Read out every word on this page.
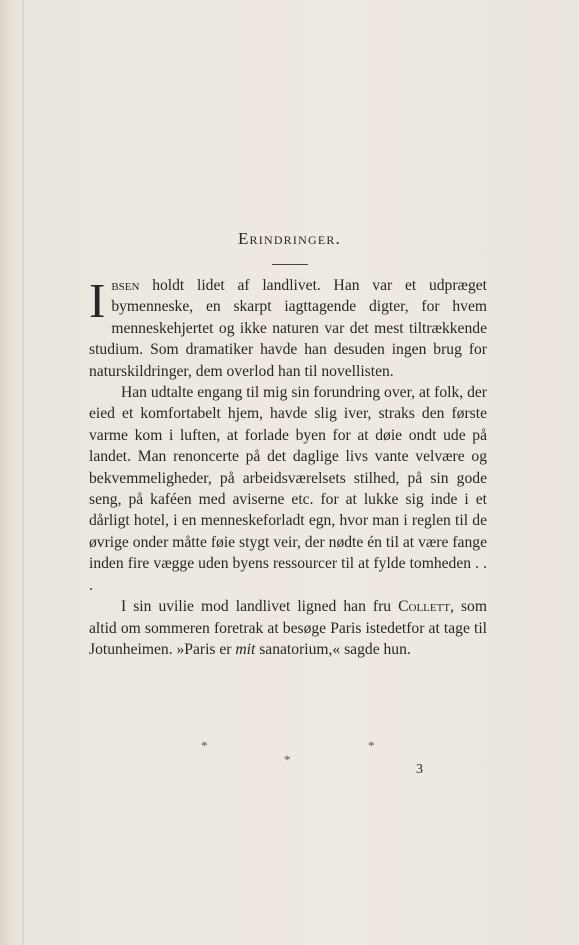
Erindringer.

Ibsen holdt lidet af landlivet. Han var et udpræget bymenneske, en skarpt iagttagende digter, for hvem menneskehjertet og ikke naturen var det mest tiltrækkende studium. Som dramatiker havde han desuden ingen brug for naturskildringer, dem overlod han til novellisten.

Han udtalte engang til mig sin forundring over, at folk, der eied et komfortabelt hjem, havde slig iver, straks den første varme kom i luften, at forlade byen for at døie ondt ude på landet. Man renoncerte på det daglige livs vante velvære og bekvemmelighеder, på arbeidsværelsets stilhed, på sin gode seng, på kaféen med aviserne etc. for at lukke sig inde i et dårligt hotel, i en menneskeforladt egn, hvor man i reglen til de øvrige onder måtte føie stygt veir, der nødte én til at være fange inden fire vægge uden byens ressourcer til at fylde tomheden . . .

I sin uvilie mod landlivet ligned han fru Collett, som altid om sommeren foretrak at besøge Paris istedetfor at tage til Jotunheimen. »Paris er mit sanatorium,« sagde hun.

*	*
*
3
